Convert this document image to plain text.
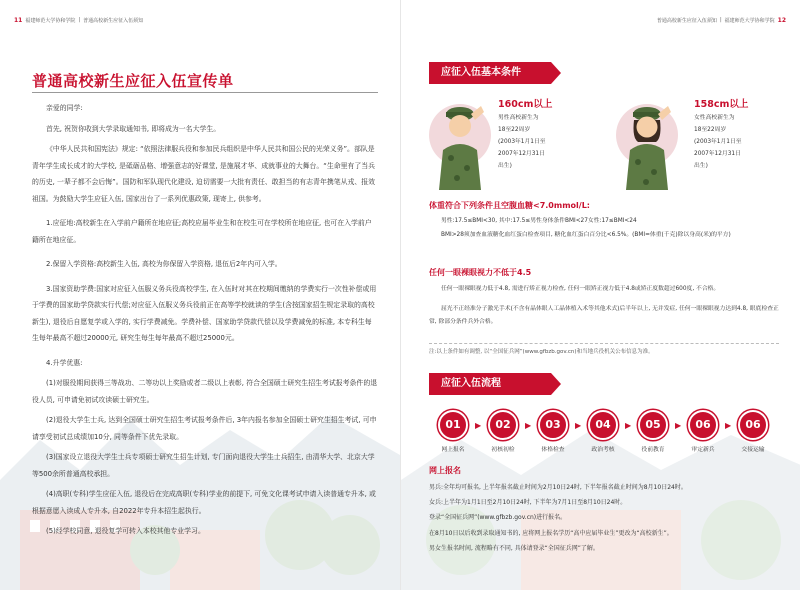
11 福建师范大学协和学院 | 普通高校新生应征入伍须知
普通高校新生应征入伍宣传单

亲爱的同学:

首先, 祝贺你收到大学录取通知书, 即将成为一名大学生。

《中华人民共和国宪法》规定: “依照法律服兵役和参加民兵组织是中华人民共和国公民的光荣义务”。部队是青年学生成长成才的大学校, 是砥砺品格、增强意志的好课堂, 是施展才华、成就事业的大舞台。“生命里有了当兵的历史, 一辈子都不会后悔”。国防和军队现代化建设, 迫切需要一大批有责任、敢担当的有志青年携笔从戎、报效祖国。为鼓励大学生应征入伍, 国家出台了一系列优惠政策, 现寄上, 供参考。

1.应征地:高校新生在入学前户籍所在地应征;高校应届毕业生和在校生可在学校所在地应征, 也可在入学前户籍所在地应征。

2.保留入学资格:高校新生入伍, 高校为你保留入学资格, 退伍后2年内可入学。

3.国家资助学费:国家对应征入伍服义务兵役高校学生, 在入伍时对其在校期间缴纳的学费实行一次性补偿或用于学费的国家助学贷款实行代偿;对应征入伍服义务兵役前正在高等学校就读的学生(含按国家招生规定录取的高校新生), 退役后自愿复学或入学的, 实行学费减免。学费补偿、国家助学贷款代偿以及学费减免的标准, 本专科生每生每年最高不超过20000元, 研究生每生每年最高不超过25000元。

4.升学优惠:

(1)对服役期间获得三等战功、二等功以上奖励或者二级以上表彰, 符合全国硕士研究生招生考试报考条件的退役人员, 可申请免初试攻读硕士研究生。

(2)退役大学生士兵, 达到全国硕士研究生招生考试报考条件后, 3年内报名参加全国硕士研究生招生考试, 可申请享受初试总成绩加10分, 同等条件下优先录取。

(3)国家设立退役大学生士兵专项硕士研究生招生计划, 专门面向退役大学生士兵招生, 由清华大学、北京大学等500余所普通高校承担。

(4)高职(专科)学生应征入伍, 退役后在完成高职(专科)学业的前提下, 可免文化课考试申请入读普通专升本, 或根据意愿入读成人专升本, 自2022年专升本招生起执行。

(5)经学校同意, 退役复学可转入本校其他专业学习。

普通高校新生应征入伍须知 | 福建师范大学协和学院 12
应征入伍基本条件
160cm以上
男性高校新生为
18至22周岁
(2003年1月1日至
2007年12月31日
出生)
158cm以上
女性高校新生为
18至22周岁
(2003年1月1日至
2007年12月31日
出生)
体重符合下列条件且空腹血糖<7.0mmol/L:
男性:17.5≤BMI<30, 其中:17.5≤男性身体条件BMI<27女性:17≤BMI<24
BMI>28须加查血液糖化血红蛋白检查项目, 糖化血红蛋白百分比<6.5%。(BMI=体重(千克)除以身高(米)的平方)
任何一眼裸眼视力不低于4.5
任何一眼裸眼视力低于4.8, 需进行矫正视力检查, 任何一眼矫正视力低于4.8或矫正度数超过600度, 不合格。
屈光不正经准分子激光手术(不含有晶体眼人工晶体植入术等其他术式)后半年以上, 无并发症, 任何一眼裸眼视力达到4.8, 眼底检查正常, 除部分条件兵外合格。
注:以上条件如有调整, 以“全国征兵网”(www.gfbzb.gov.cn)和当地兵役机关公布信息为准。
应征入伍流程
01
网上报名
▶	02
初核初检
▶	03
体格检查
▶	04
政治考核
▶	05
役前教育
▶	06
审定新兵
▶	06
交接运输
网上报名
男兵:全年均可报名, 上半年报名截止时间为2月10日24时, 下半年报名截止时间为8月10日24时。
女兵:上半年为1月1日至2月10日24时, 下半年为7月1日至8月10日24时。
登录“全国征兵网”(www.gfbzb.gov.cn)进行报名。
在8月10日以后收到录取通知书的, 应将网上报名学历“高中应届毕业生”更改为“高校新生”。
男女生报名时间, 流程略有不同, 具体请登录“全国征兵网”了解。
